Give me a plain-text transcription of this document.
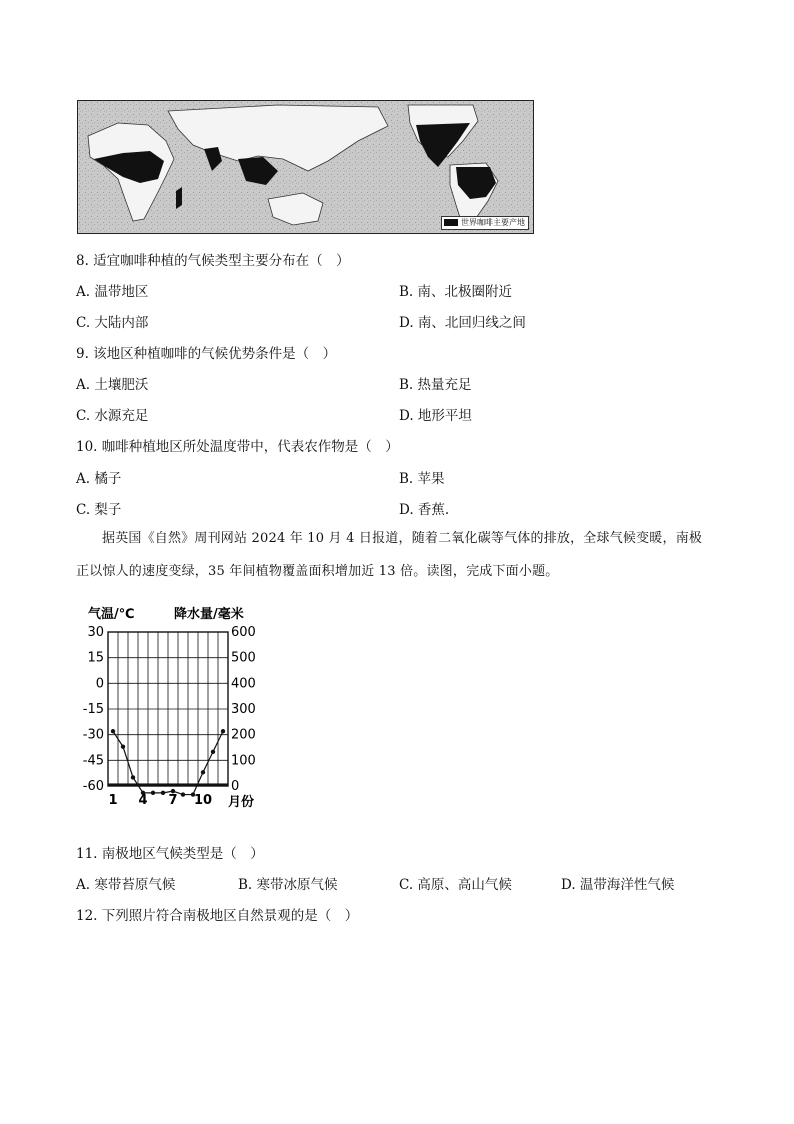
世界咖啡主要产地
8. 适宜咖啡种植的气候类型主要分布在（　）
A. 温带地区	B. 南、北极圈附近
C. 大陆内部	D. 南、北回归线之间
9. 该地区种植咖啡的气候优势条件是（　）
A. 土壤肥沃	B. 热量充足
C. 水源充足	D. 地形平坦
10. 咖啡种植地区所处温度带中，代表农作物是（　）
A. 橘子	B. 苹果
C. 梨子	D. 香蕉.
据英国《自然》周刊网站 2024 年 10 月 4 日报道，随着二氧化碳等气体的排放，全球气候变暖，南极
正以惊人的速度变绿，35 年间植物覆盖面积增加近 13 倍。读图，完成下面小题。
气温/℃	降水量/毫米
30
15
0
-15
-30
-45
-60
600
500
400
300
200
100
0
1 4 7 10 月份
11. 南极地区气候类型是（　）
A. 寒带苔原气候	B. 寒带冰原气候	C. 高原、高山气候	D. 温带海洋性气候
12. 下列照片符合南极地区自然景观的是（　）
